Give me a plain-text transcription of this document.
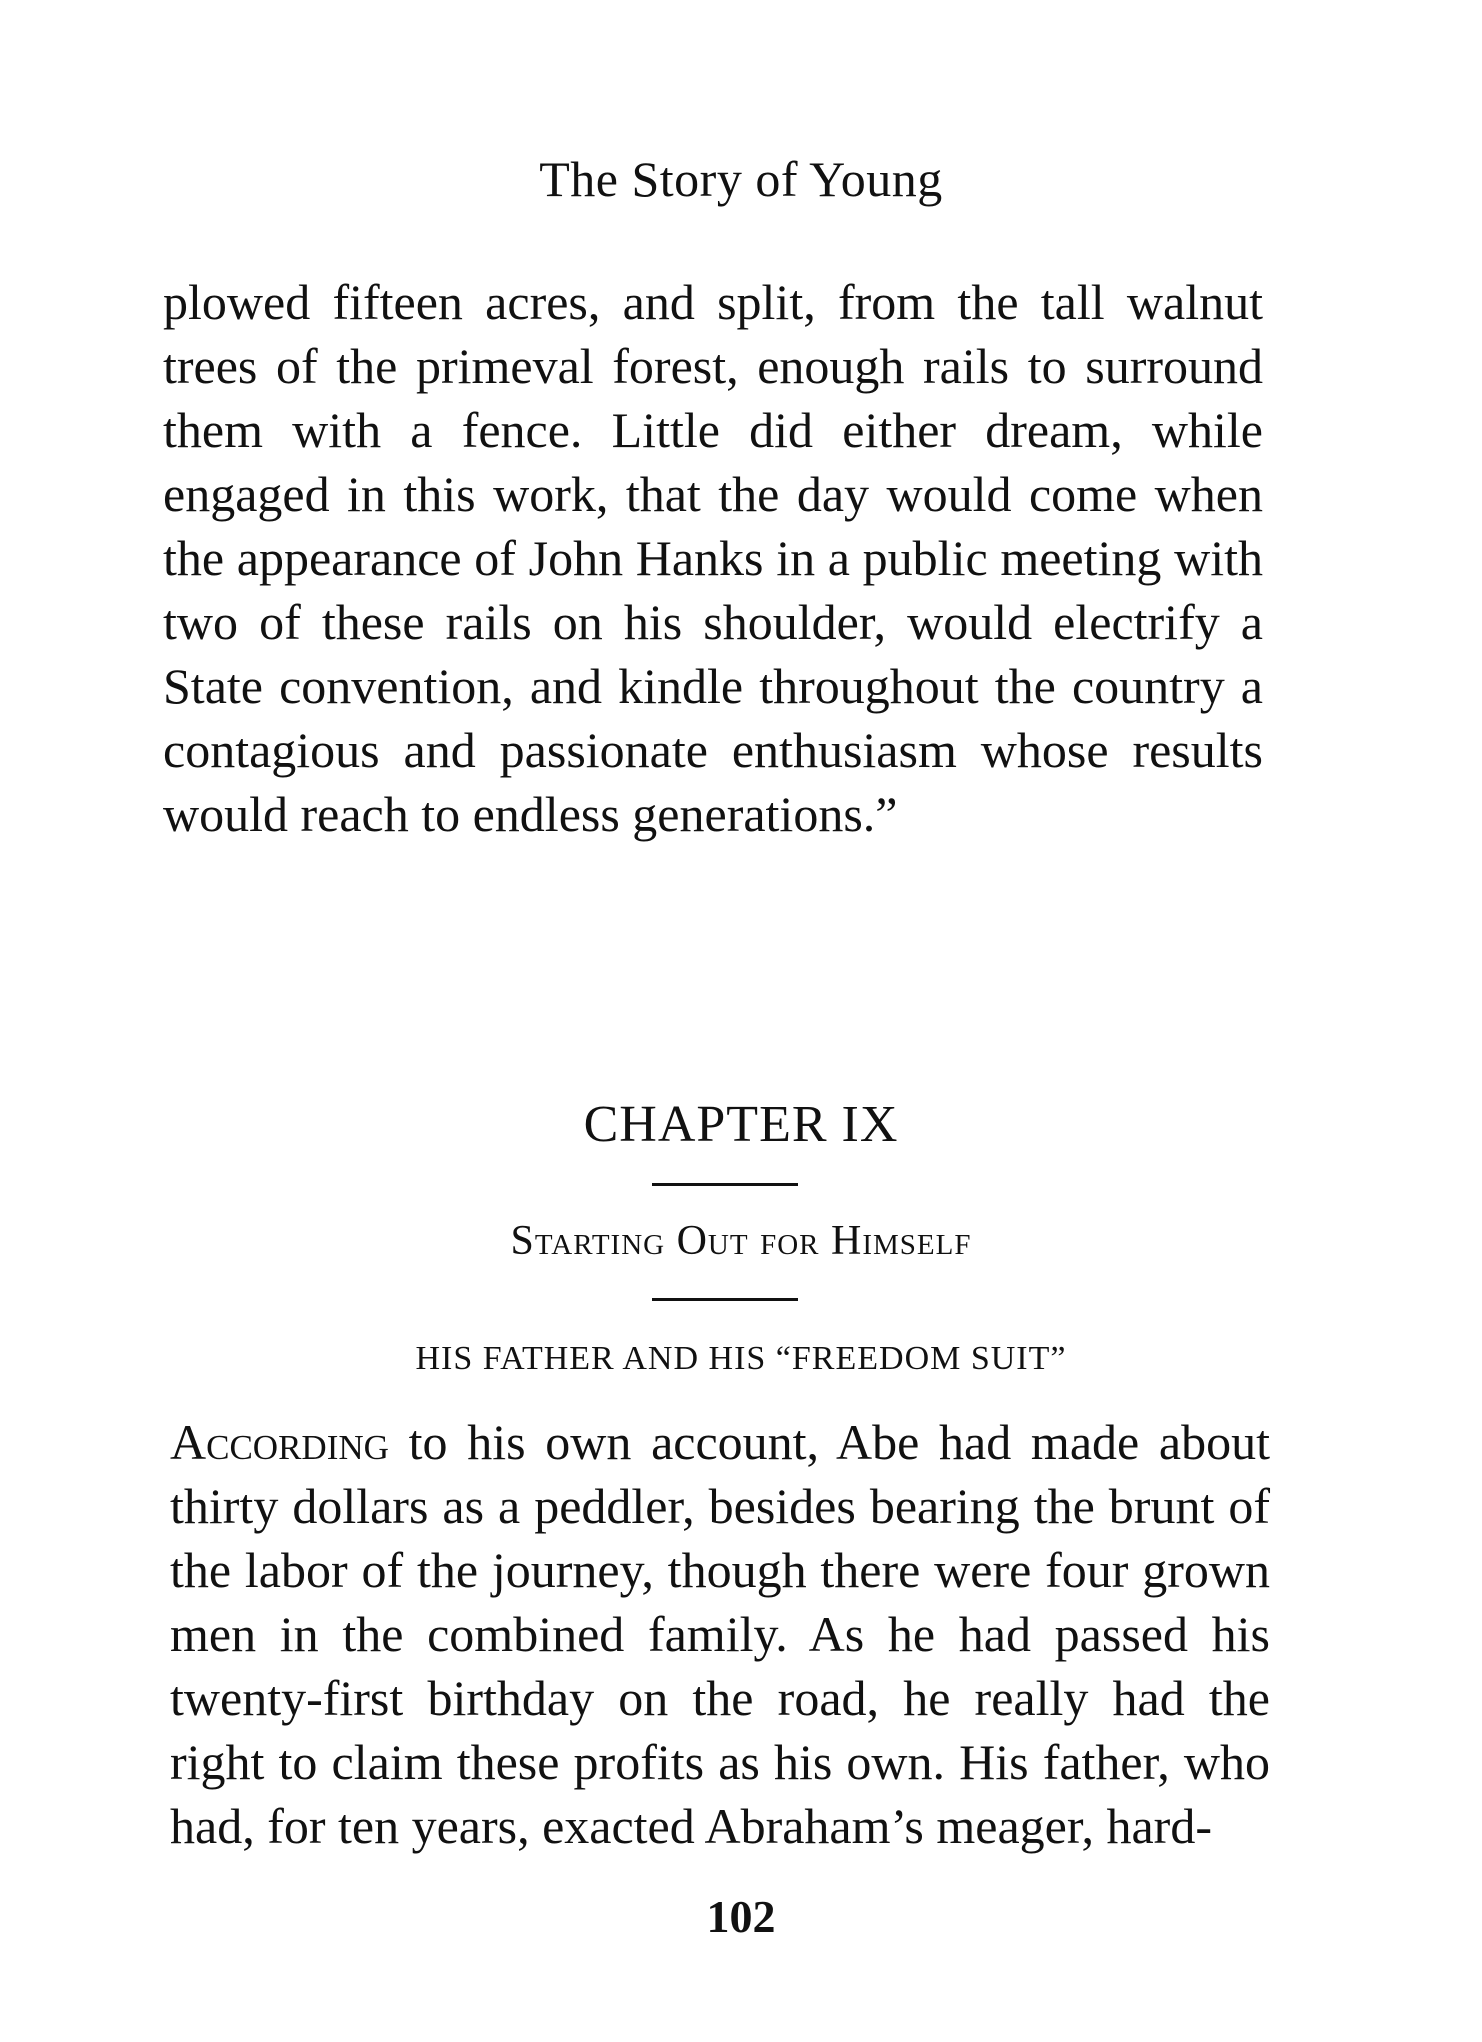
The Story of Young

plowed fifteen acres, and split, from the tall walnut trees of the primeval forest, enough rails to surround them with a fence. Little did either dream, while engaged in this work, that the day would come when the appearance of John Hanks in a public meeting with two of these rails on his shoulder, would electrify a State convention, and kindle throughout the country a contagious and passionate enthusiasm whose results would reach to endless generations.”

CHAPTER IX
Starting Out for Himself
HIS FATHER AND HIS “FREEDOM SUIT”

According to his own account, Abe had made about thirty dollars as a peddler, besides bearing the brunt of the labor of the journey, though there were four grown men in the combined family. As he had passed his twenty-first birthday on the road, he really had the right to claim these profits as his own. His father, who had, for ten years, exacted Abraham’s meager, hard-

102
